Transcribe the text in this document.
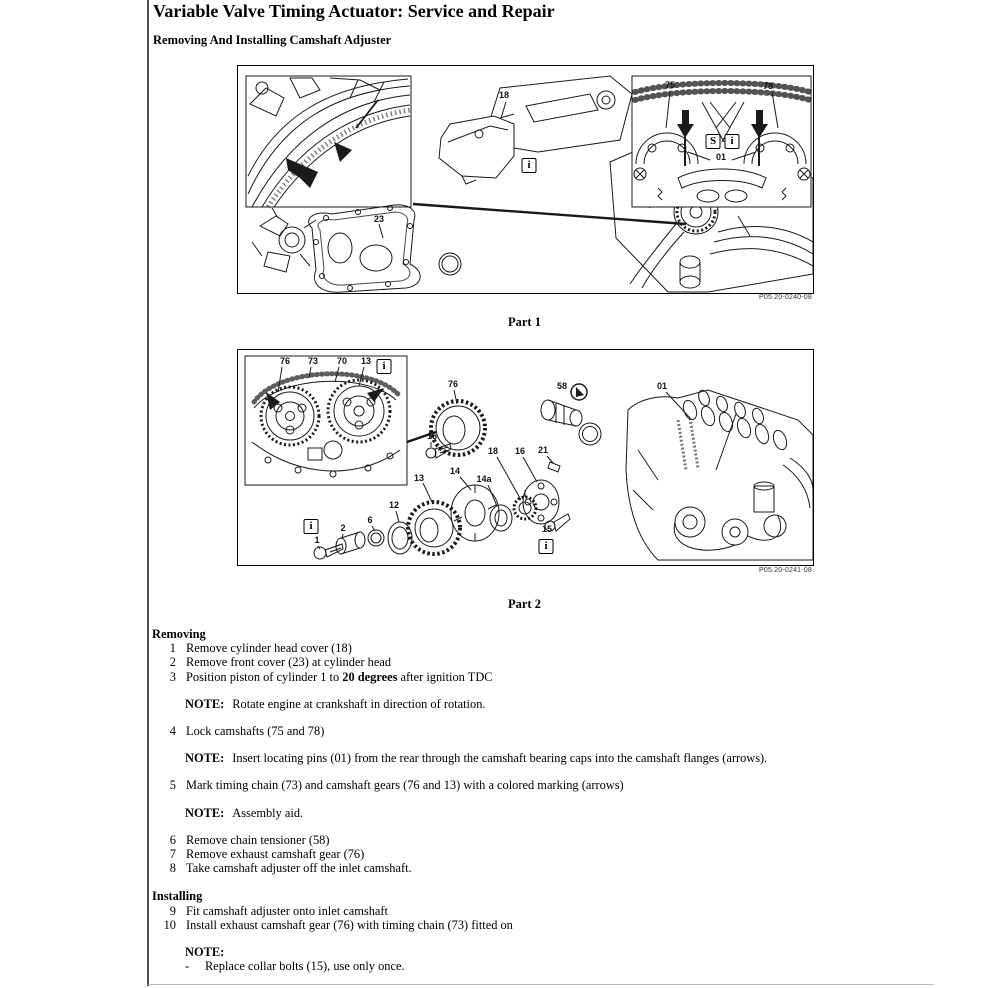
Variable Valve Timing Actuator: Service and Repair
Removing And Installing Camshaft Adjuster
18
23
75	78
01
i
S	i
P05.20-0240-08
Part 1
76 73 70 13
76	58	01
15
18 16 21
14
13	14a
12
6
2
1
15
i
i
i
P05.20-0241-08
Part 2
Removing
1 Remove cylinder head cover (18)
2 Remove front cover (23) at cylinder head
3 Position piston of cylinder 1 to 20 degrees after ignition TDC
NOTE: Rotate engine at crankshaft in direction of rotation.
4 Lock camshafts (75 and 78)
NOTE: Insert locating pins (01) from the rear through the camshaft bearing caps into the camshaft flanges (arrows).
5 Mark timing chain (73) and camshaft gears (76 and 13) with a colored marking (arrows)
NOTE: Assembly aid.
6 Remove chain tensioner (58)
7 Remove exhaust camshaft gear (76)
8 Take camshaft adjuster off the inlet camshaft.
Installing
9 Fit camshaft adjuster onto inlet camshaft
10 Install exhaust camshaft gear (76) with timing chain (73) fitted on
NOTE:
-	Replace collar bolts (15), use only once.
